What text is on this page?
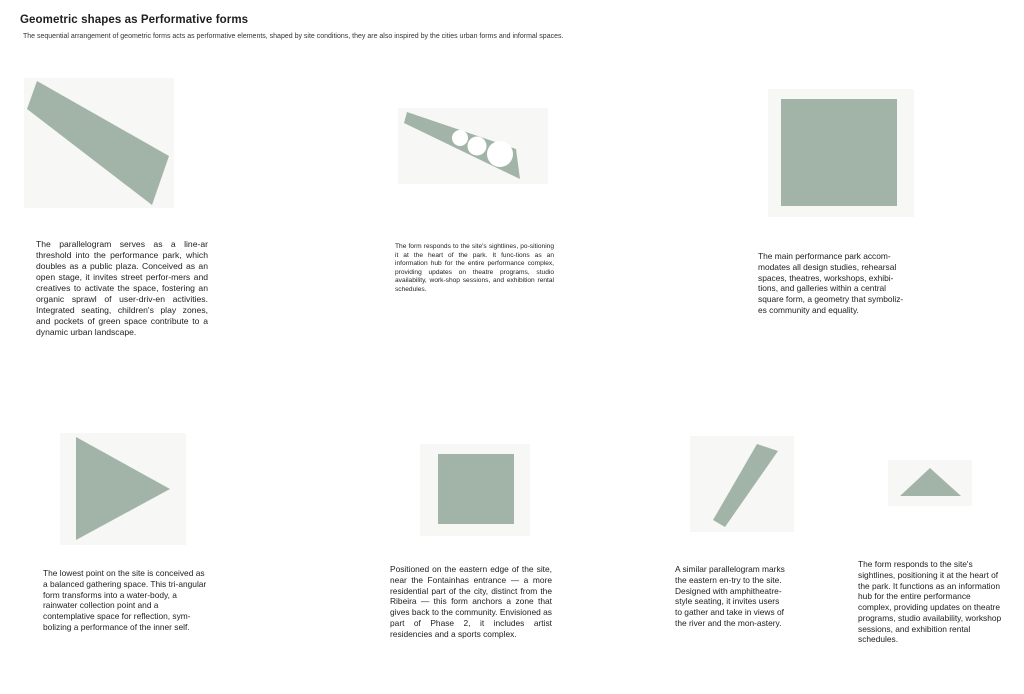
Geometric shapes as Performative forms
The sequential arrangement of geometric forms acts as performative elements, shaped by site conditions, they are also inspired by the cities urban forms and informal spaces.
The parallelogram serves as a line-ar threshold into the performance park, which doubles as a public plaza. Conceived as an open stage, it invites street perfor-mers and creatives to activate the space, fostering an organic sprawl of user-driv-en activities. Integrated seating, children's play zones, and pockets of green space contribute to a dynamic urban landscape.
The form responds to the site's sightlines, po-sitioning it at the heart of the park. It func-tions as an information hub for the entire performance complex, providing updates on theatre programs, studio availability, work-shop sessions, and exhibition rental schedules.
The main performance park accom-modates all design studies, rehearsal spaces, theatres, workshops, exhibi-tions, and galleries within a central square form, a geometry that symboliz-es community and equality.
The lowest point on the site is conceived as a balanced gathering space. This tri-angular form transforms into a water-body, a rainwater collection point and a contemplative space for reflection, sym-bolizing a performance of the inner self.
Positioned on the eastern edge of the site, near the Fontainhas entrance — a more residential part of the city, distinct from the Ribeira — this form anchors a zone that gives back to the community. Envisioned as part of Phase 2, it includes artist residencies and a sports complex.
A similar parallelogram marks the eastern en-try to the site. Designed with amphitheatre-style seating, it invites users to gather and take in views of the river and the mon-astery.
The form responds to the site's sightlines, positioning it at the heart of the park. It functions as an information hub for the entire performance complex, providing updates on theatre programs, studio availability, workshop sessions, and exhibition rental schedules.
